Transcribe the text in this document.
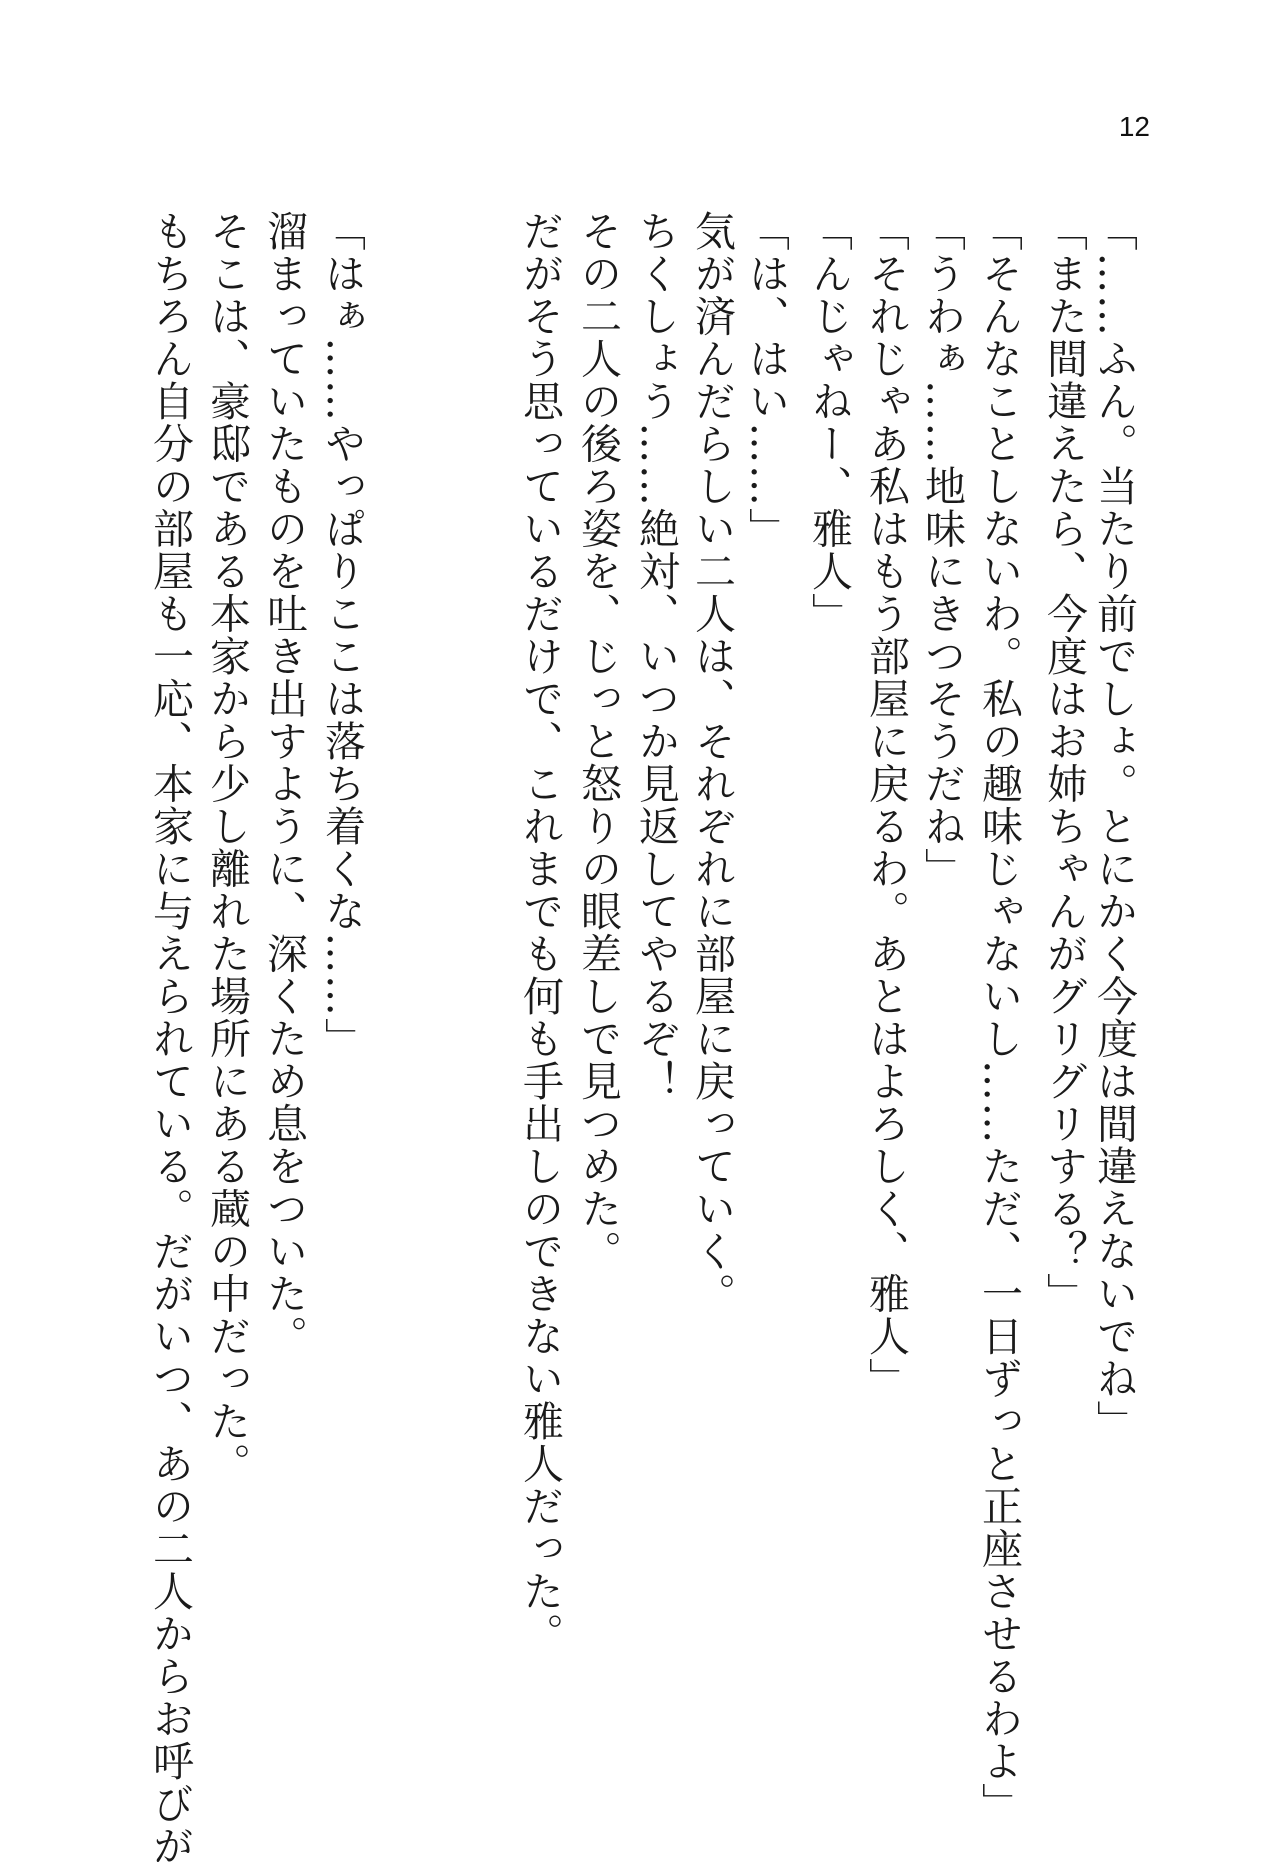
12
「……ふん。当たり前でしょ。とにかく今度は間違えないでね」
「また間違えたら、今度はお姉ちゃんがグリグリする？」
「そんなことしないわ。私の趣味じゃないし……ただ、一日ずっと正座させるわよ」
「うわぁ……地味にきつそうだね」
「それじゃあ私はもう部屋に戻るわ。あとはよろしく、雅人」
「んじゃねー、雅人」
「は、はい……」
気が済んだらしい二人は、それぞれに部屋に戻っていく。
ちくしょう……絶対、いつか見返してやるぞ！
その二人の後ろ姿を、じっと怒りの眼差しで見つめた。
だがそう思っているだけで、これまでも何も手出しのできない雅人だった。
「はぁ……やっぱりここは落ち着くな……」
溜まっていたものを吐き出すように、深くため息をついた。
そこは、豪邸である本家から少し離れた場所にある蔵の中だった。
もちろん自分の部屋も一応、本家に与えられている。だがいつ、あの二人からお呼びが
